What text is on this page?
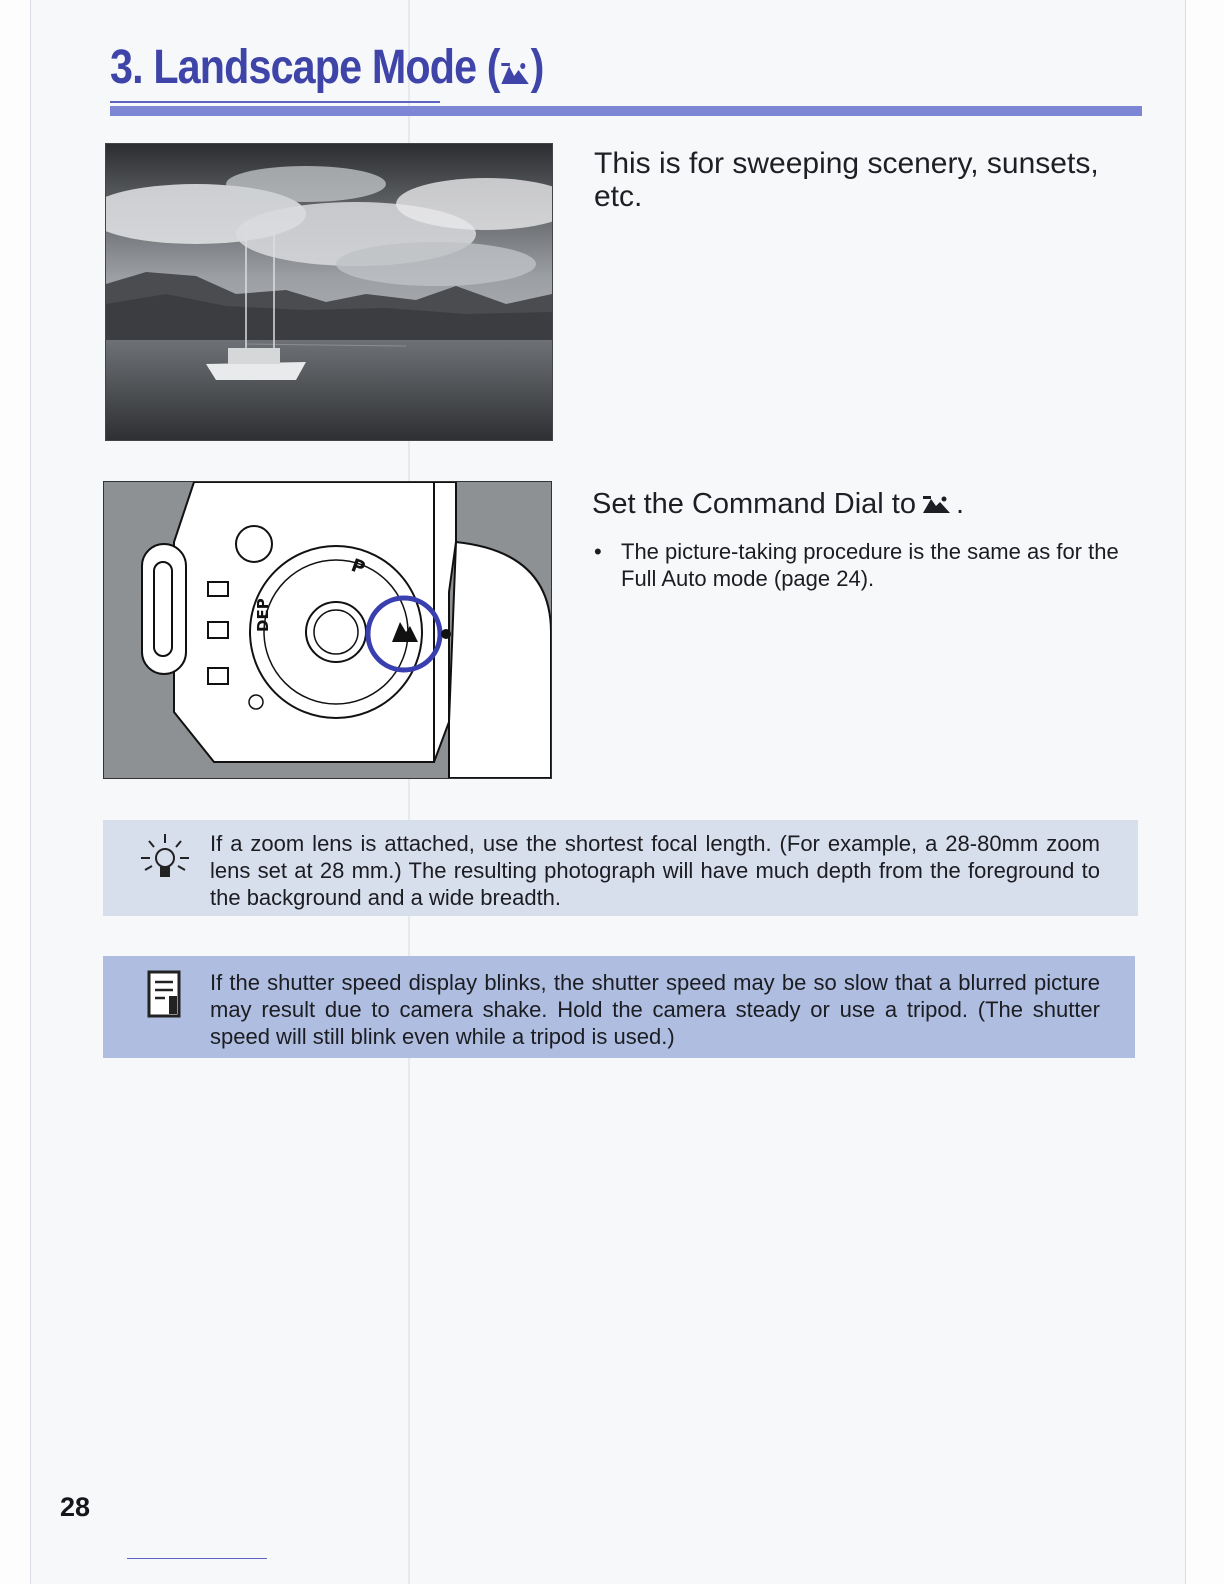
3. Landscape Mode ( )

This is for sweeping scenery, sunsets, etc.

P
DEP
Set the Command Dial to .
• The picture-taking procedure is the same as for the Full Auto mode (page 24).

If a zoom lens is attached, use the shortest focal length. (For example, a 28-80mm zoom lens set at 28 mm.) The resulting photograph will have much depth from the foreground to the background and a wide breadth.

If the shutter speed display blinks, the shutter speed may be so slow that a blurred picture may result due to camera shake. Hold the camera steady or use a tripod. (The shutter speed will still blink even while a tripod is used.)

28
